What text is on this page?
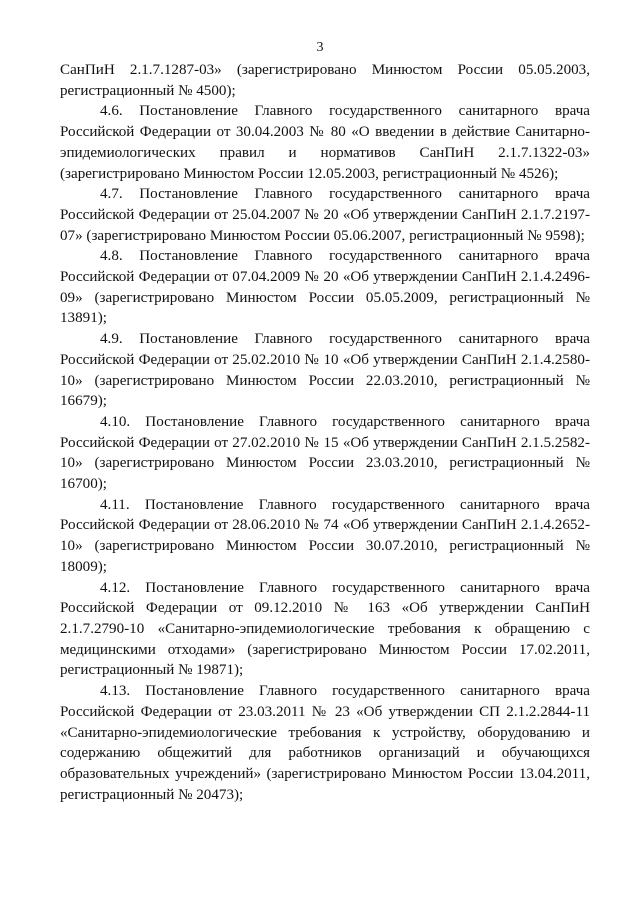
3

СанПиН 2.1.7.1287-03» (зарегистрировано Минюстом России 05.05.2003, регистрационный № 4500);

4.6. Постановление Главного государственного санитарного врача Российской Федерации от 30.04.2003 № 80 «О введении в действие Санитарно-эпидемиологических правил и нормативов СанПиН 2.1.7.1322-03» (зарегистрировано Минюстом России 12.05.2003, регистрационный № 4526);

4.7. Постановление Главного государственного санитарного врача Российской Федерации от 25.04.2007 № 20 «Об утверждении СанПиН 2.1.7.2197-07» (зарегистрировано Минюстом России 05.06.2007, регистрационный № 9598);

4.8. Постановление Главного государственного санитарного врача Российской Федерации от 07.04.2009 № 20 «Об утверждении СанПиН 2.1.4.2496-09» (зарегистрировано Минюстом России 05.05.2009, регистрационный № 13891);

4.9. Постановление Главного государственного санитарного врача Российской Федерации от 25.02.2010 № 10 «Об утверждении СанПиН 2.1.4.2580-10» (зарегистрировано Минюстом России 22.03.2010, регистрационный № 16679);

4.10. Постановление Главного государственного санитарного врача Российской Федерации от 27.02.2010 № 15 «Об утверждении СанПиН 2.1.5.2582-10» (зарегистрировано Минюстом России 23.03.2010, регистрационный № 16700);

4.11. Постановление Главного государственного санитарного врача Российской Федерации от 28.06.2010 № 74 «Об утверждении СанПиН 2.1.4.2652-10» (зарегистрировано Минюстом России 30.07.2010, регистрационный № 18009);

4.12. Постановление Главного государственного санитарного врача Российской Федерации от 09.12.2010 № 163 «Об утверждении СанПиН 2.1.7.2790-10 «Санитарно-эпидемиологические требования к обращению с медицинскими отходами» (зарегистрировано Минюстом России 17.02.2011, регистрационный № 19871);

4.13. Постановление Главного государственного санитарного врача Российской Федерации от 23.03.2011 № 23 «Об утверждении СП 2.1.2.2844-11 «Санитарно-эпидемиологические требования к устройству, оборудованию и содержанию общежитий для работников организаций и обучающихся образовательных учреждений» (зарегистрировано Минюстом России 13.04.2011, регистрационный № 20473);
